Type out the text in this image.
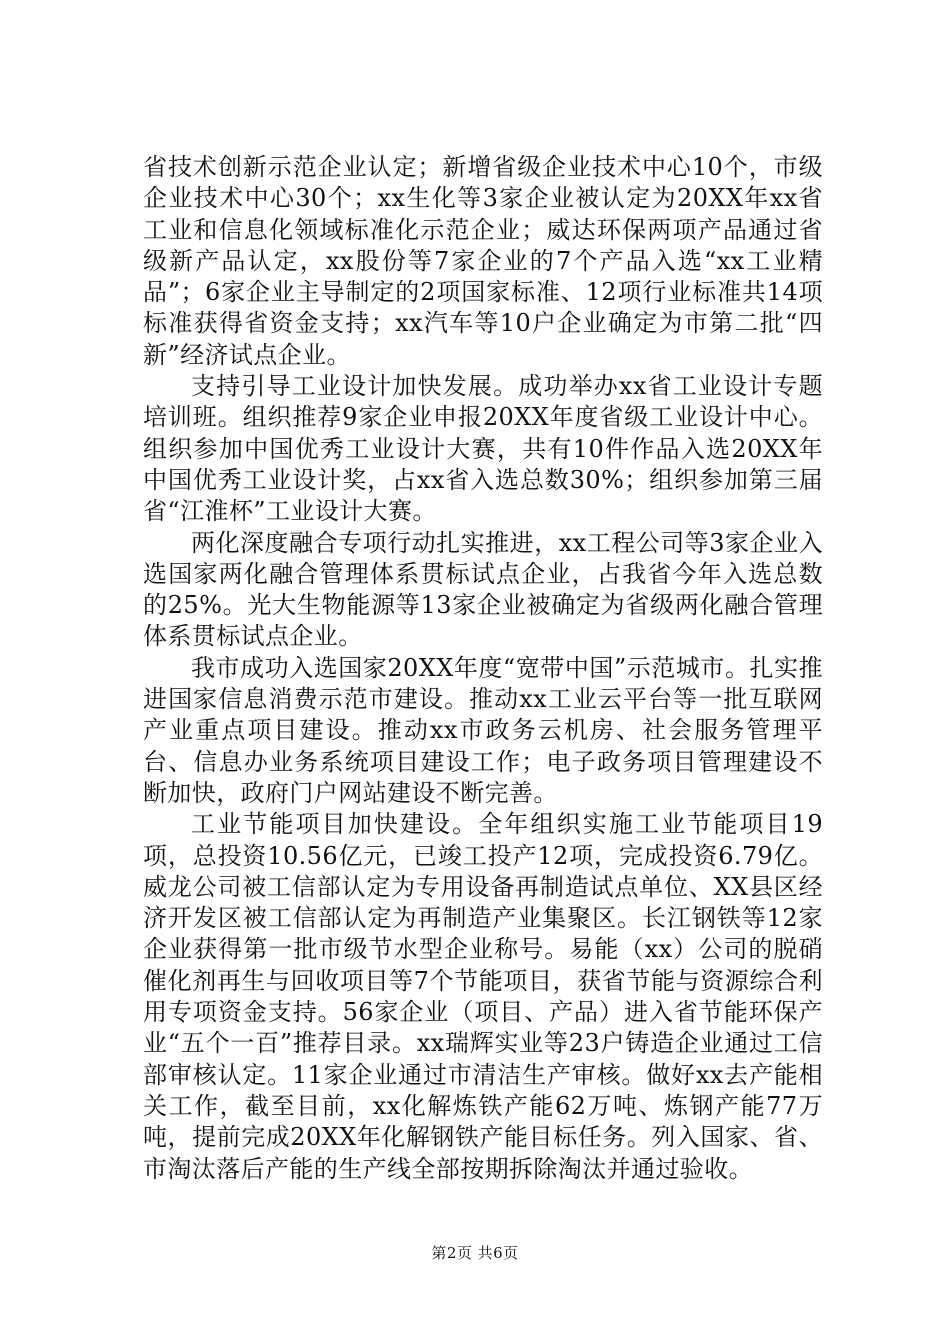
省技术创新示范企业认定；新增省级企业技术中心10个，市级企业技术中心30个；xx生化等3家企业被认定为20XX年xx省工业和信息化领域标准化示范企业；威达环保两项产品通过省级新产品认定，xx股份等7家企业的7个产品入选“xx工业精品”；6家企业主导制定的2项国家标准、12项行业标准共14项标准获得省资金支持；xx汽车等10户企业确定为市第二批“四新”经济试点企业。

支持引导工业设计加快发展。成功举办xx省工业设计专题培训班。组织推荐9家企业申报20XX年度省级工业设计中心。组织参加中国优秀工业设计大赛，共有10件作品入选20XX年中国优秀工业设计奖，占xx省入选总数30%；组织参加第三届省“江淮杯”工业设计大赛。

两化深度融合专项行动扎实推进，xx工程公司等3家企业入选国家两化融合管理体系贯标试点企业，占我省今年入选总数的25%。光大生物能源等13家企业被确定为省级两化融合管理体系贯标试点企业。

我市成功入选国家20XX年度“宽带中国”示范城市。扎实推进国家信息消费示范市建设。推动xx工业云平台等一批互联网产业重点项目建设。推动xx市政务云机房、社会服务管理平台、信息办业务系统项目建设工作；电子政务项目管理建设不断加快，政府门户网站建设不断完善。

工业节能项目加快建设。全年组织实施工业节能项目19项，总投资10.56亿元，已竣工投产12项，完成投资6.79亿。威龙公司被工信部认定为专用设备再制造试点单位、XX县区经济开发区被工信部认定为再制造产业集聚区。长江钢铁等12家企业获得第一批市级节水型企业称号。易能（xx）公司的脱硝催化剂再生与回收项目等7个节能项目，获省节能与资源综合利用专项资金支持。56家企业（项目、产品）进入省节能环保产业“五个一百”推荐目录。xx瑞辉实业等23户铸造企业通过工信部审核认定。11家企业通过市清洁生产审核。做好xx去产能相关工作，截至目前，xx化解炼铁产能62万吨、炼钢产能77万吨，提前完成20XX年化解钢铁产能目标任务。列入国家、省、市淘汰落后产能的生产线全部按期拆除淘汰并通过验收。

第2页 共6页
